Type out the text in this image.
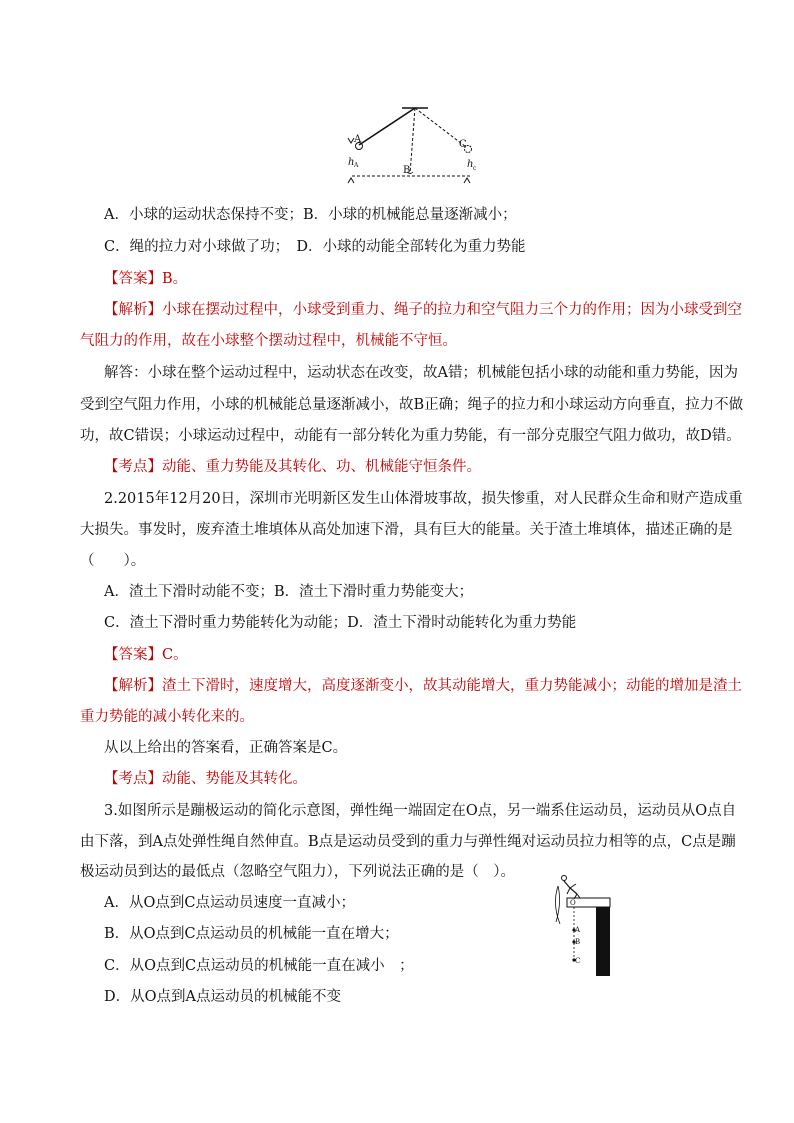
A
B
C
h A	h c
A．小球的运动状态保持不变；B．小球的机械能总量逐渐减小；
C．绳的拉力对小球做了功；　D．小球的动能全部转化为重力势能
【答案】B。
【解析】小球在摆动过程中，小球受到重力、绳子的拉力和空气阻力三个力的作用；因为小球受到空
气阻力的作用，故在小球整个摆动过程中，机械能不守恒。
解答：小球在整个运动过程中，运动状态在改变，故A错；机械能包括小球的动能和重力势能，因为
受到空气阻力作用，小球的机械能总量逐渐减小，故B正确；绳子的拉力和小球运动方向垂直，拉力不做
功，故C错误；小球运动过程中，动能有一部分转化为重力势能，有一部分克服空气阻力做功，故D错。
【考点】动能、重力势能及其转化、功、机械能守恒条件。
2.2015年12月20日，深圳市光明新区发生山体滑坡事故，损失惨重，对人民群众生命和财产造成重
大损失。事发时，废弃渣土堆填体从高处加速下滑，具有巨大的能量。关于渣土堆填体，描述正确的是
（　　）。
A．渣土下滑时动能不变；B．渣土下滑时重力势能变大；
C．渣土下滑时重力势能转化为动能；D．渣土下滑时动能转化为重力势能
【答案】C。
【解析】渣土下滑时，速度增大，高度逐渐变小，故其动能增大，重力势能减小；动能的增加是渣土
重力势能的减小转化来的。
从以上给出的答案看，正确答案是C。
【考点】动能、势能及其转化。
3.如图所示是蹦极运动的简化示意图，弹性绳一端固定在O点，另一端系住运动员，运动员从O点自
由下落，到A点处弹性绳自然伸直。B点是运动员受到的重力与弹性绳对运动员拉力相等的点，C点是蹦
极运动员到达的最低点（忽略空气阻力），下列说法正确的是（　）。
A．从O点到C点运动员速度一直减小；
B．从O点到C点运动员的机械能一直在增大；
C．从O点到C点运动员的机械能一直在减小　；
D．从O点到A点运动员的机械能不变
O
A
B
C
